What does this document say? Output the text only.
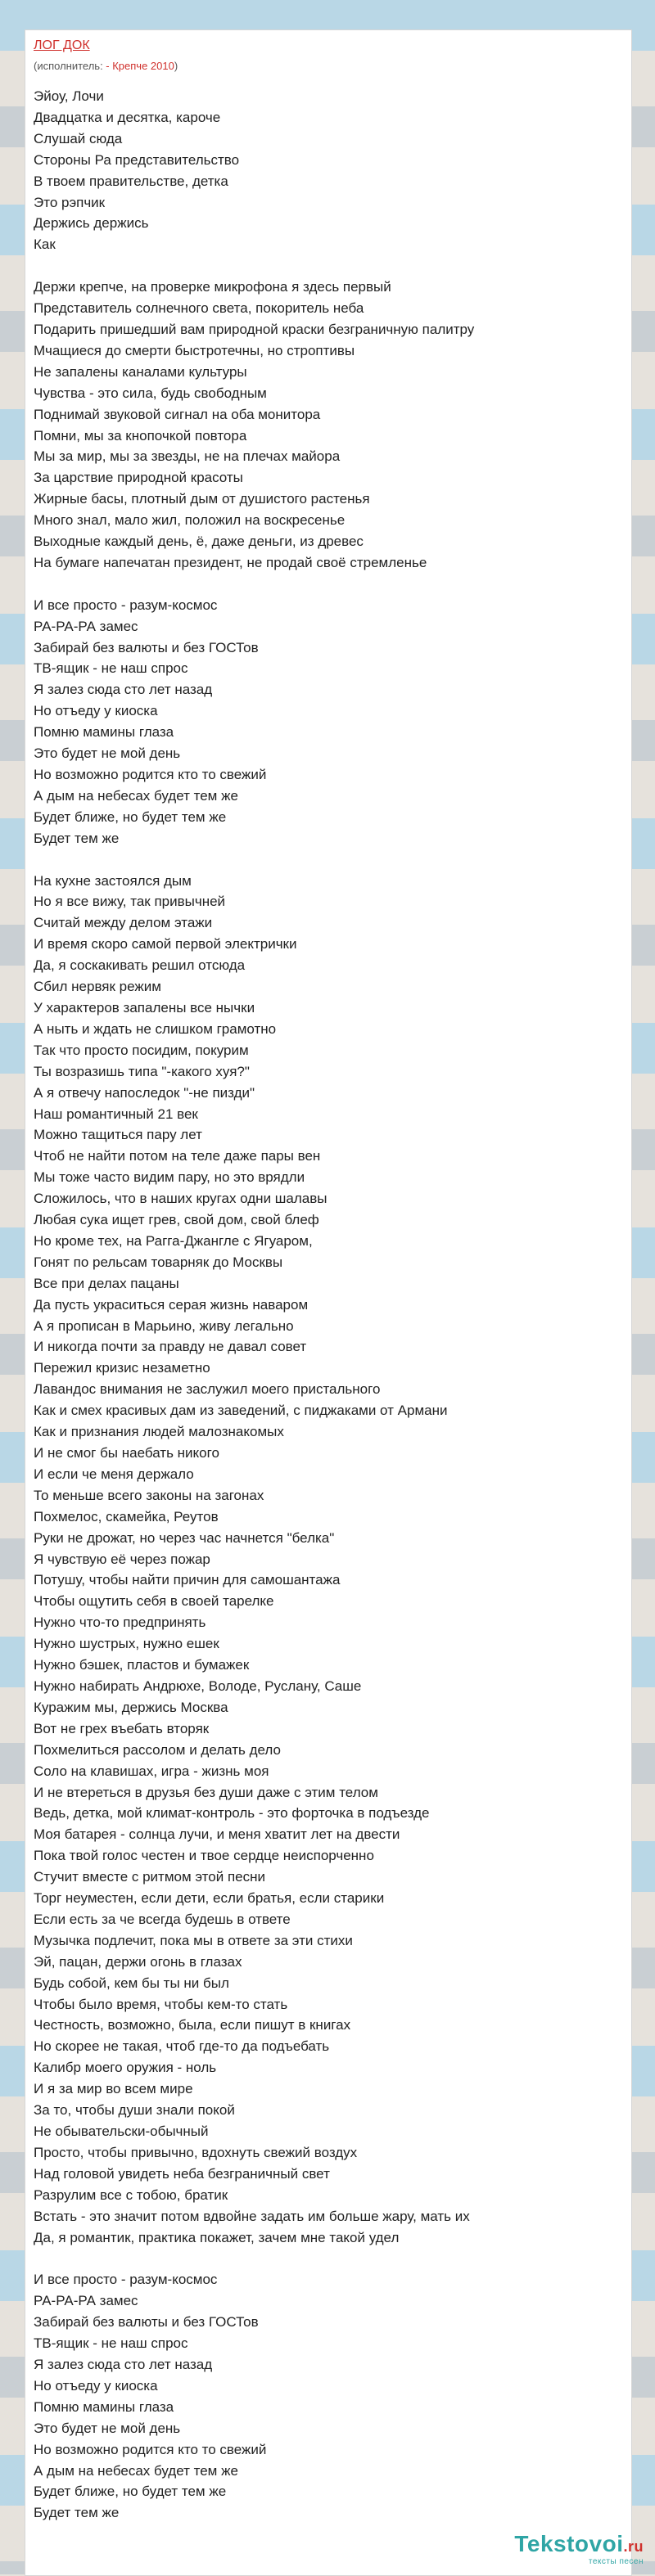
ЛОГ ДОК
(исполнитель: - Крепче 2010)
Эйоу, Лочи
Двадцатка и десятка, кароче
Слушай сюда
Стороны Ра представительство
В твоем правительстве, детка
Это рэпчик
Держись держись
Как

Держи крепче, на проверке микрофона я здесь первый
Представитель солнечного света, покоритель неба
Подарить пришедший вам природной краски безграничную палитру
Мчащиеся до смерти быстротечны, но строптивы
Не запалены каналами культуры
Чувства - это сила, будь свободным
Поднимай звуковой сигнал на оба монитора
Помни, мы за кнопочкой повтора
Мы за мир, мы за звезды, не на плечах майора
За царствие природной красоты
Жирные басы, плотный дым от душистого растенья
Много знал, мало жил, положил на воскресенье
Выходные каждый день, ё, даже деньги, из древес
На бумаге напечатан президент, не продай своё стремленье

И все просто - разум-космос
РА-РА-РА замес
Забирай без валюты и без ГОСТов
ТВ-ящик - не наш спрос
Я залез сюда сто лет назад
Но отъеду у киоска
Помню мамины глаза
Это будет не мой день
Но возможно родится кто то свежий
А дым на небесах будет тем же
Будет ближе, но будет тем же
Будет тем же

На кухне застоялся дым
Но я все вижу, так привычней
Считай между делом этажи
И время скоро самой первой электрички
Да, я соскакивать решил отсюда
Сбил нервяк режим
У характеров запалены все нычки
А ныть и ждать не слишком грамотно
Так что просто посидим, покурим
Ты возразишь типа "-какого хуя?"
А я отвечу напоследок "-не пизди"
Наш романтичный 21 век
Можно тащиться пару лет
Чтоб не найти потом на теле даже пары вен
Мы тоже часто видим пару, но это врядли
Сложилось, что в наших кругах одни шалавы
Любая сука ищет грев, свой дом, свой блеф
Но кроме тех, на Рагга-Джангле с Ягуаром,
Гонят по рельсам товарняк до Москвы
Все при делах пацаны
Да пусть украситься серая жизнь наваром
А я прописан в Марьино, живу легально
И никогда почти за правду не давал совет
Пережил кризис незаметно
Лавандос внимания не заслужил моего пристального
Как и смех красивых дам из заведений, с пиджаками от Армани
Как и признания людей малознакомых
И не смог бы наебать никого
И если че меня держало
То меньше всего законы на загонах
Похмелос, скамейка, Реутов
Руки не дрожат, но через час начнется "белка"
Я чувствую её через пожар
Потушу, чтобы найти причин для самошантажа
Чтобы ощутить себя в своей тарелке
Нужно что-то предпринять
Нужно шустрых, нужно ешек
Нужно бэшек, пластов и бумажек
Нужно набирать Андрюхе, Володе, Руслану, Саше
Куражим мы, держись Москва
Вот не грех въебать вторяк
Похмелиться рассолом и делать дело
Соло на клавишах, игра - жизнь моя
И не втереться в друзья без души даже с этим телом
Ведь, детка, мой климат-контроль - это форточка в подъезде
Моя батарея - солнца лучи, и меня хватит лет на двести
Пока твой голос честен и твое сердце неиспорченно
Стучит вместе с ритмом этой песни
Торг неуместен, если дети, если братья, если старики
Если есть за че всегда будешь в ответе
Музычка подлечит, пока мы в ответе за эти стихи
Эй, пацан, держи огонь в глазах
Будь собой, кем бы ты ни был
Чтобы было время, чтобы кем-то стать
Честность, возможно, была, если пишут в книгах
Но скорее не такая, чтоб где-то да подъебать
Калибр моего оружия - ноль
И я за мир во всем мире
За то, чтобы души знали покой
Не обывательски-обычный
Просто, чтобы привычно, вдохнуть свежий воздух
Над головой увидеть неба безграничный свет
Разрулим все с тобою, братик
Встать - это значит потом вдвойне задать им больше жару, мать их
Да, я романтик, практика покажет, зачем мне такой удел

И все просто - разум-космос
РА-РА-РА замес
Забирай без валюты и без ГОСТов
ТВ-ящик - не наш спрос
Я залез сюда сто лет назад
Но отъеду у киоска
Помню мамины глаза
Это будет не мой день
Но возможно родится кто то свежий
А дым на небесах будет тем же
Будет ближе, но будет тем же
Будет тем же
Tekstovoi.ru
тексты песен
